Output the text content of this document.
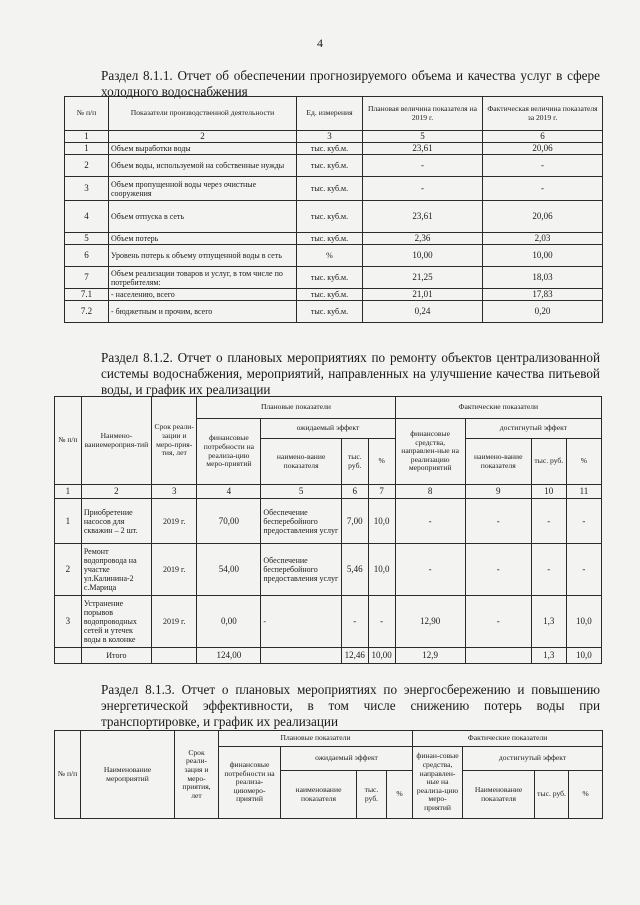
4
Раздел 8.1.1. Отчет об обеспечении прогнозируемого объема и качества услуг в сфере холодного водоснабжения
№ п/п	Показатели производственной деятельности	Ед. измерения	Плановая величина показателя на 2019 г.	Фактическая величина показателя за 2019 г.
1	2	3	5	6
1	Объем выработки воды	тыс. куб.м.	23,61	20,06
2	Объем воды, используемой на собственные нужды	тыс. куб.м.	-	-
3	Объем пропущенной воды через очистные сооружения	тыс. куб.м.	-	-
4	Объем отпуска в сеть	тыс. куб.м.	23,61	20,06
5	Объем потерь	тыс. куб.м.	2,36	2,03
6	Уровень потерь к объему отпущенной воды в сеть	%	10,00	10,00
7	Объем реализации товаров и услуг, в том числе по потребителям:	тыс. куб.м.	21,25	18,03
7.1	- населению, всего	тыс. куб.м.	21,01	17,83
7.2	- бюджетным и прочим, всего	тыс. куб.м.	0,24	0,20
Раздел 8.1.2. Отчет о плановых мероприятиях по ремонту объектов централизованной системы водоснабжения, мероприятий, направленных на улучшение качества питьевой воды, и график их реализации
№ п/п	Наимено-ваниемероприя-тий	Срок реали-зации и меро-прия-тия, лет	Плановые показатели				Фактические показатели			
			финансовые потребности на реализа-цию меро-приятий	ожидаемый эффект			финансовые средства, направлен-ные на реализацию мероприятий	достигнутый эффект		
				наимено-вание показателя	тыс. руб.	%		наимено-вание показателя	тыс. руб.	%
1	2	3	4	5	6	7	8	9	10	11
1	Приобретение насосов для скважин – 2 шт.	2019 г.	70,00	Обеспечение бесперебойного предоставления услуг	7,00	10,0	-	-	-	-
2	Ремонт водопровода на участке ул.Калинина-2 с.Марица	2019 г.	54,00	Обеспечение бесперебойного предоставления услуг	5,46	10,0	-	-	-	-
3	Устранение порывов водопроводных сетей и утечек воды в колонке	2019 г.	0,00	-	-	-	12,90	-	1,3	10,0
	Итого		124,00		12,46	10,00	12,9		1,3	10,0
Раздел 8.1.3. Отчет о плановых мероприятиях по энергосбережению и повышению энергетической эффективности, в том числе снижению потерь воды при транспортировке, и график их реализации
№ п/п	Наименование мероприятий	Срок реали-зация и меро-приятия, лет	Плановые показатели				Фактические показатели			
			финансовые потребности на реализа-циюмеро-приятий	ожидаемый эффект			финан-совые средства, направлен-ные на реализа-цию меро-приятий	достигнутый эффект		
				наименование показателя	тыс. руб.	%		Наименование показателя	тыс. руб.	%
